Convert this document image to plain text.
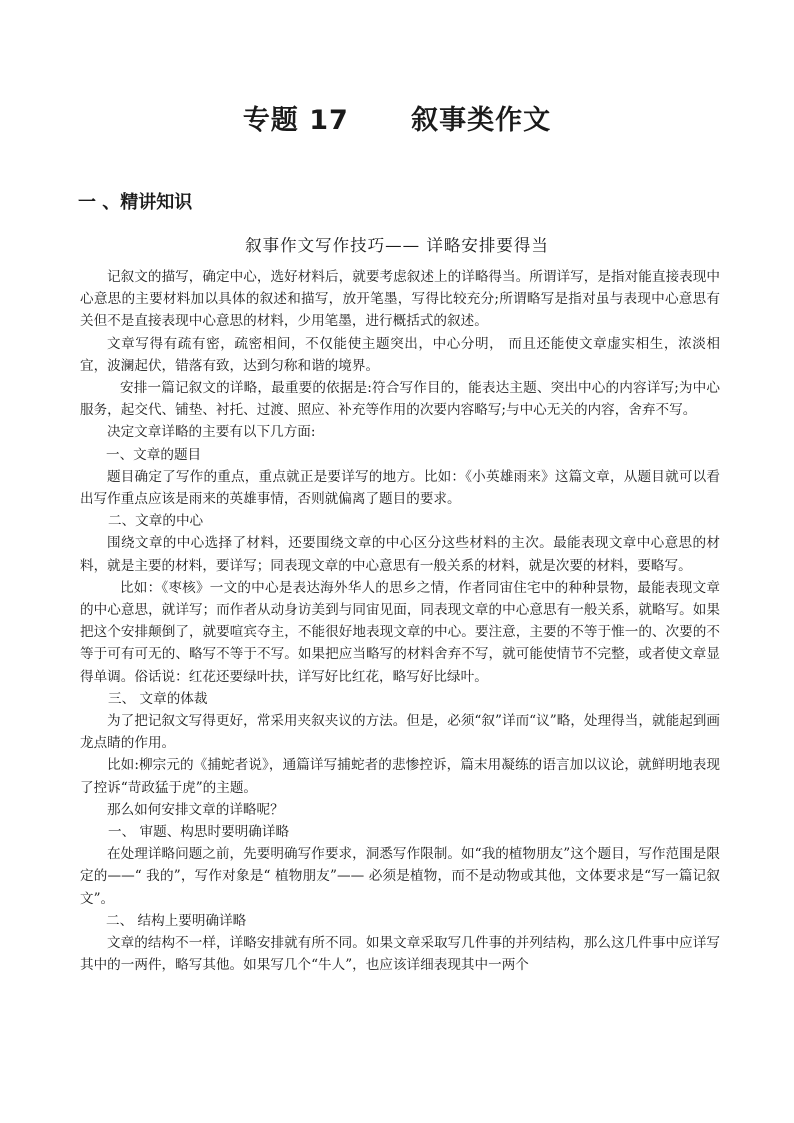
专题 17      叙事类作文
一 、精讲知识
叙事作文写作技巧—— 详略安排要得当

记叙文的描写，确定中心，选好材料后，就要考虑叙述上的详略得当。所谓详写，是指对能直接表现中心意思的主要材料加以具体的叙述和描写，放开笔墨，写得比较充分;所谓略写是指对虽与表现中心意思有关但不是直接表现中心意思的材料，少用笔墨，进行概括式的叙述。

文章写得有疏有密，疏密相间，不仅能使主题突出，中心分明， 而且还能使文章虚实相生，浓淡相宜，波澜起伏，错落有致，达到匀称和谐的境界。

安排一篇记叙文的详略，最重要的依据是:符合写作目的，能表达主题、突出中心的内容详写;为中心服务，起交代、铺垫、衬托、过渡、照应、补充等作用的次要内容略写;与中心无关的内容，舍弃不写。

决定文章详略的主要有以下几方面:

一、文章的题目

题目确定了写作的重点，重点就正是要详写的地方。比如：《小英雄雨来》这篇文章，从题目就可以看出写作重点应该是雨来的英雄事情，否则就偏离了题目的要求。

二、文章的中心

围绕文章的中心选择了材料，还要围绕文章的中心区分这些材料的主次。最能表现文章中心意思的材料，就是主要的材料，要详写；同表现文章的中心意思有一般关系的材料，就是次要的材料，要略写。

比如：《枣核》一文的中心是表达海外华人的思乡之情，作者同宙住宅中的种种景物，最能表现文章的中心意思，就详写；而作者从动身访美到与同宙见面，同表现文章的中心意思有一般关系，就略写。如果把这个安排颠倒了，就要喧宾夺主，不能很好地表现文章的中心。要注意，主要的不等于惟一的、次要的不等于可有可无的、略写不等于不写。如果把应当略写的材料舍弃不写，就可能使情节不完整，或者使文章显得单调。俗话说：红花还要绿叶扶，详写好比红花，略写好比绿叶。

三、 文章的体裁

为了把记叙文写得更好，常采用夹叙夹议的方法。但是，必须“叙”详而“议”略，处理得当，就能起到画龙点睛的作用。

比如:柳宗元的《捕蛇者说》，通篇详写捕蛇者的悲惨控诉，篇末用凝练的语言加以议论，就鲜明地表现了控诉“苛政猛于虎”的主题。

那么如何安排文章的详略呢？

一、 审题、构思时要明确详略

在处理详略问题之前，先要明确写作要求，洞悉写作限制。如“我的植物朋友”这个题目，写作范围是限定的——“ 我的”，写作对象是“ 植物朋友”—— 必须是植物，而不是动物或其他，文体要求是“写一篇记叙文”。

二、 结构上要明确详略

文章的结构不一样，详略安排就有所不同。如果文章采取写几件事的并列结构，那么这几件事中应详写其中的一两件，略写其他。如果写几个“牛人”，也应该详细表现其中一两个
